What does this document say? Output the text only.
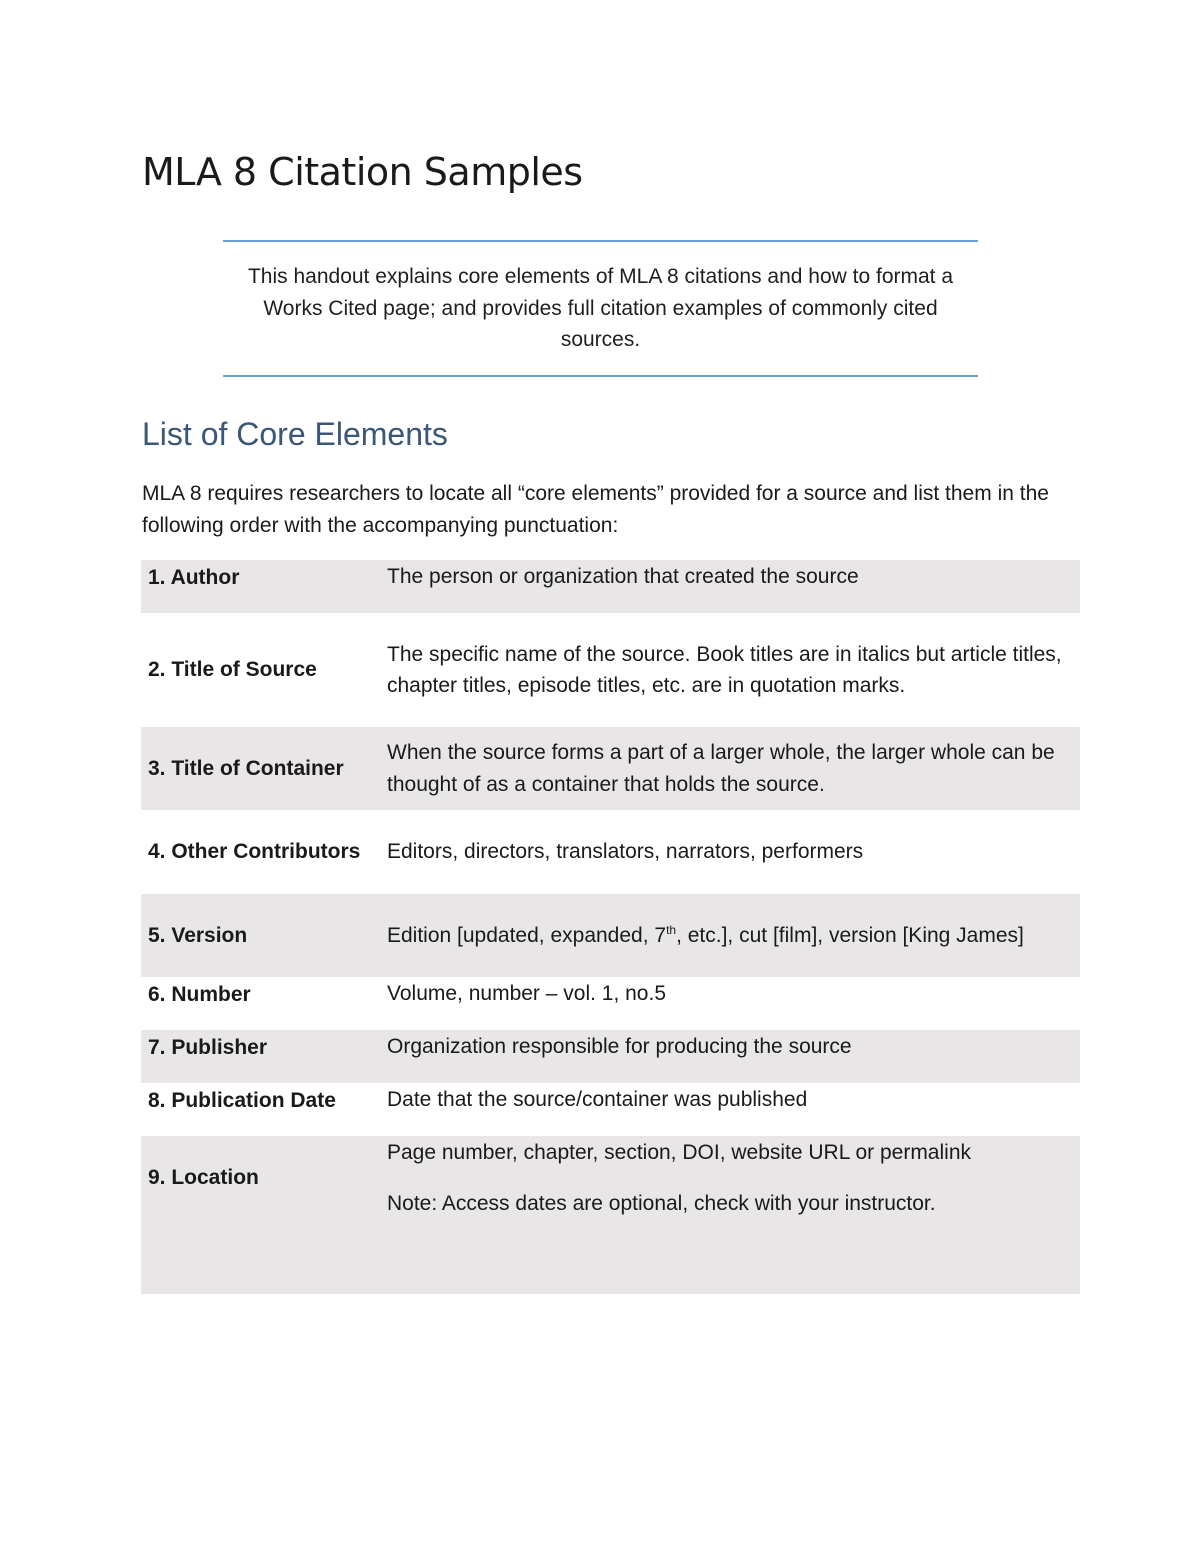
MLA 8 Citation Samples

This handout explains core elements of MLA 8 citations and how to format a Works Cited page; and provides full citation examples of commonly cited sources.

List of Core Elements

MLA 8 requires researchers to locate all “core elements” provided for a source and list them in the following order with the accompanying punctuation:

1. Author	The person or organization that created the source
2. Title of Source	The specific name of the source. Book titles are in italics but article titles, chapter titles, episode titles, etc. are in quotation marks.
3. Title of Container	When the source forms a part of a larger whole, the larger whole can be thought of as a container that holds the source.
4. Other Contributors	Editors, directors, translators, narrators, performers
5. Version	Edition [updated, expanded, 7th, etc.], cut [film], version [King James]
6. Number	Volume, number – vol. 1, no.5
7. Publisher	Organization responsible for producing the source
8. Publication Date	Date that the source/container was published
9. Location	Page number, chapter, section, DOI, website URL or permalink
Note: Access dates are optional, check with your instructor.
